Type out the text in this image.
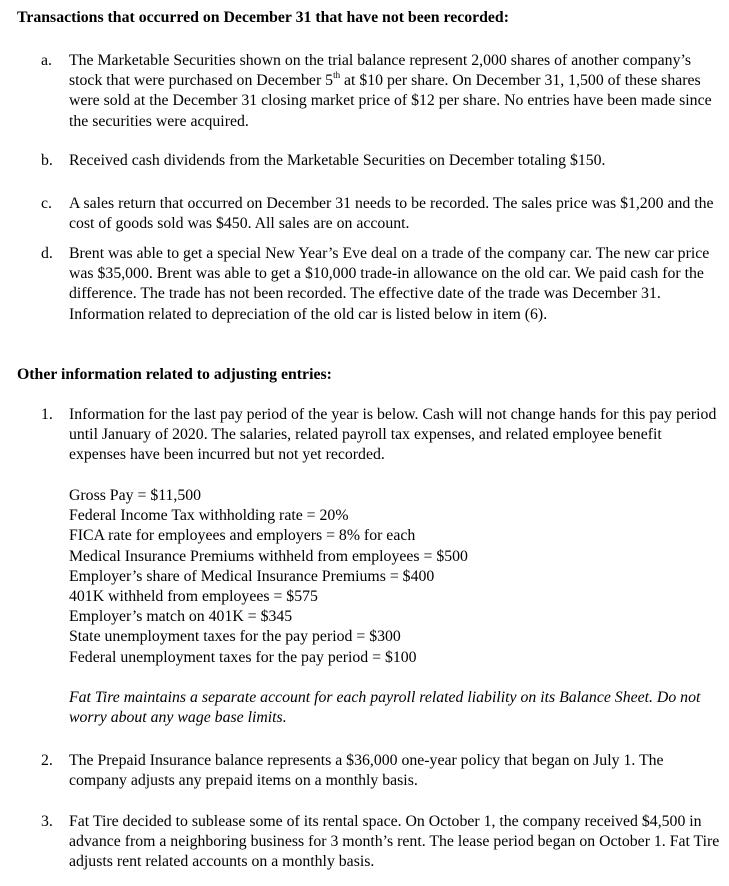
Transactions that occurred on December 31 that have not been recorded:
a.	The Marketable Securities shown on the trial balance represent 2,000 shares of another company’s stock that were purchased on December 5th at $10 per share. On December 31, 1,500 of these shares were sold at the December 31 closing market price of $12 per share. No entries have been made since the securities were acquired.

b.	Received cash dividends from the Marketable Securities on December totaling $150.

c.	A sales return that occurred on December 31 needs to be recorded. The sales price was $1,200 and the cost of goods sold was $450. All sales are on account.

d.	Brent was able to get a special New Year’s Eve deal on a trade of the company car. The new car price was $35,000. Brent was able to get a $10,000 trade-in allowance on the old car. We paid cash for the difference. The trade has not been recorded. The effective date of the trade was December 31. Information related to depreciation of the old car is listed below in item (6).

Other information related to adjusting entries:
1.	Information for the last pay period of the year is below. Cash will not change hands for this pay period until January of 2020. The salaries, related payroll tax expenses, and related employee benefit expenses have been incurred but not yet recorded.

Gross Pay = $11,500

Federal Income Tax withholding rate = 20%

FICA rate for employees and employers = 8% for each

Medical Insurance Premiums withheld from employees = $500

Employer’s share of Medical Insurance Premiums = $400

401K withheld from employees = $575

Employer’s match on 401K = $345

State unemployment taxes for the pay period = $300

Federal unemployment taxes for the pay period = $100

Fat Tire maintains a separate account for each payroll related liability on its Balance Sheet. Do not worry about any wage base limits.

2.	The Prepaid Insurance balance represents a $36,000 one-year policy that began on July 1. The company adjusts any prepaid items on a monthly basis.

3.	Fat Tire decided to sublease some of its rental space. On October 1, the company received $4,500 in advance from a neighboring business for 3 month’s rent. The lease period began on October 1. Fat Tire adjusts rent related accounts on a monthly basis.
